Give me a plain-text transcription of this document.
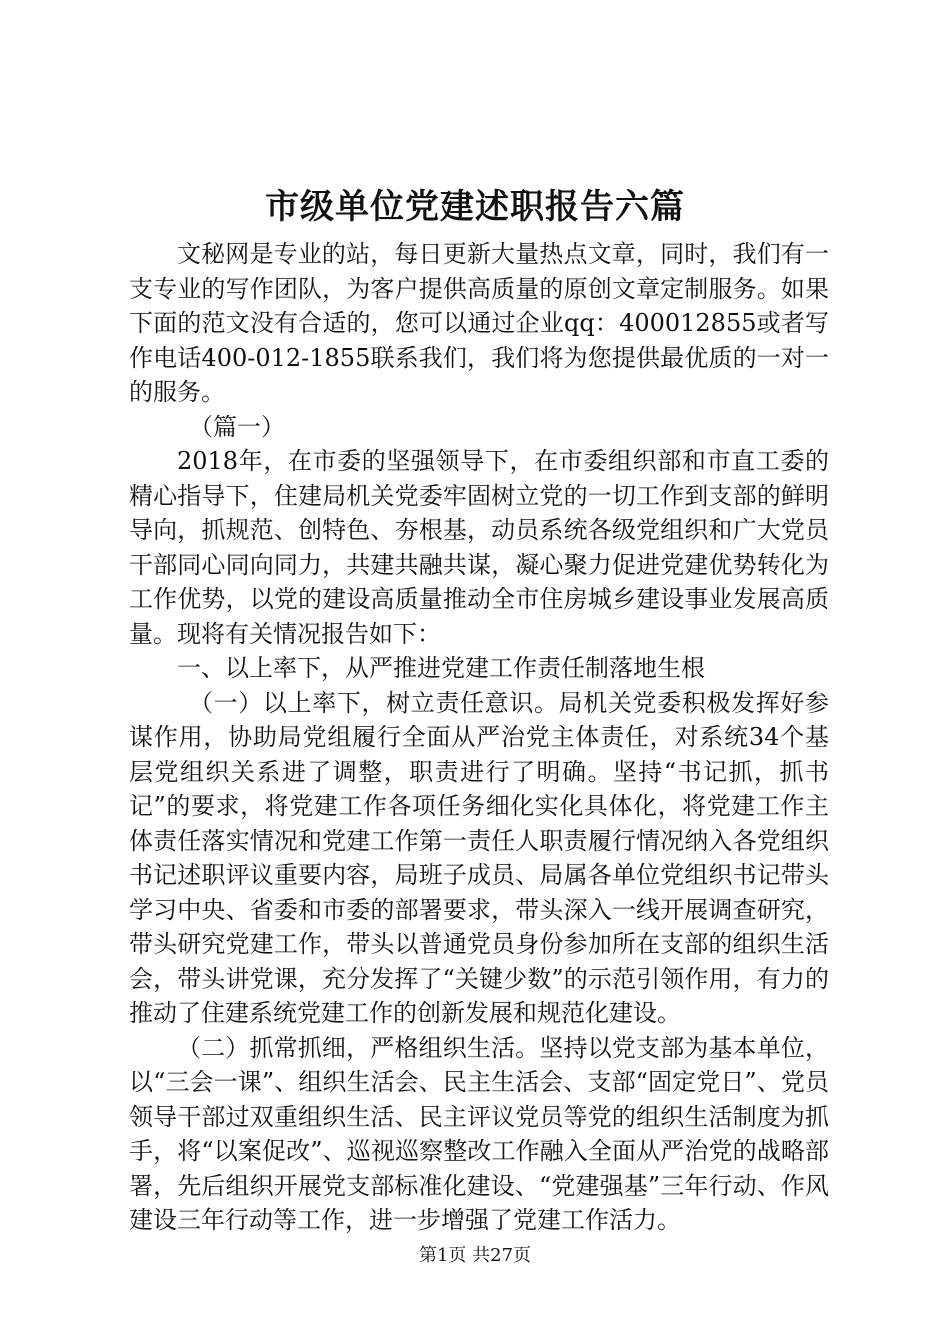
市级单位党建述职报告六篇

文秘网是专业的站，每日更新大量热点文章，同时，我们有一支专业的写作团队，为客户提供高质量的原创文章定制服务。如果下面的范文没有合适的，您可以通过企业qq：400012855或者写作电话400-012-1855联系我们，我们将为您提供最优质的一对一的服务。

（篇一）

2018年，在市委的坚强领导下，在市委组织部和市直工委的精心指导下，住建局机关党委牢固树立党的一切工作到支部的鲜明导向，抓规范、创特色、夯根基，动员系统各级党组织和广大党员干部同心同向同力，共建共融共谋，凝心聚力促进党建优势转化为工作优势，以党的建设高质量推动全市住房城乡建设事业发展高质量。现将有关情况报告如下：

一、以上率下，从严推进党建工作责任制落地生根

（一）以上率下，树立责任意识。局机关党委积极发挥好参谋作用，协助局党组履行全面从严治党主体责任，对系统34个基层党组织关系进了调整，职责进行了明确。坚持“书记抓，抓书记”的要求，将党建工作各项任务细化实化具体化，将党建工作主体责任落实情况和党建工作第一责任人职责履行情况纳入各党组织书记述职评议重要内容，局班子成员、局属各单位党组织书记带头学习中央、省委和市委的部署要求，带头深入一线开展调查研究，带头研究党建工作，带头以普通党员身份参加所在支部的组织生活会，带头讲党课，充分发挥了“关键少数”的示范引领作用，有力的推动了住建系统党建工作的创新发展和规范化建设。

（二）抓常抓细，严格组织生活。坚持以党支部为基本单位，以“三会一课”、组织生活会、民主生活会、支部“固定党日”、党员领导干部过双重组织生活、民主评议党员等党的组织生活制度为抓手，将“以案促改”、巡视巡察整改工作融入全面从严治党的战略部署，先后组织开展党支部标准化建设、“党建强基”三年行动、作风建设三年行动等工作，进一步增强了党建工作活力。

第1页 共27页
